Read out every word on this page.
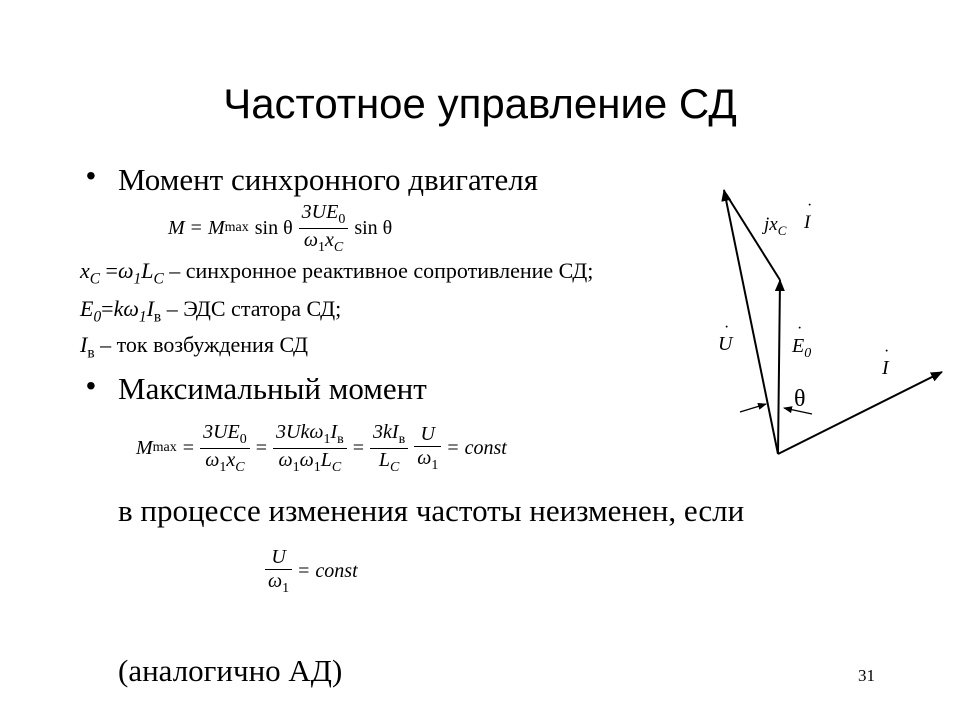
Частотное управление СД
• Момент синхронного двигателя
M = M max sin θ $\frac{3UE_0}{\omega_1x_C}$ sin θ
$x_C =\omega_1L_C$ – синхронное реактивное сопротивление СД;
$E_0=k\omega_1I_в$ – ЭДС статора СД;
$I_в$ – ток возбуждения СД
• Максимальный момент
M $\max = \frac{3UE_0}{\omega_1x_C} = \frac{3Uk\omega_1I_в}{\omega_1\omega_1L_C} = \frac{3kI_в}{L_C} \frac{U}{\omega_1}$ = const
в процессе изменения частоты неизменен, если
$\frac{U}{\omega_1}$ = const
(аналогично АД)	31
$jx_C$ I
·
U
·
$E_0$
·
I
·
θ
